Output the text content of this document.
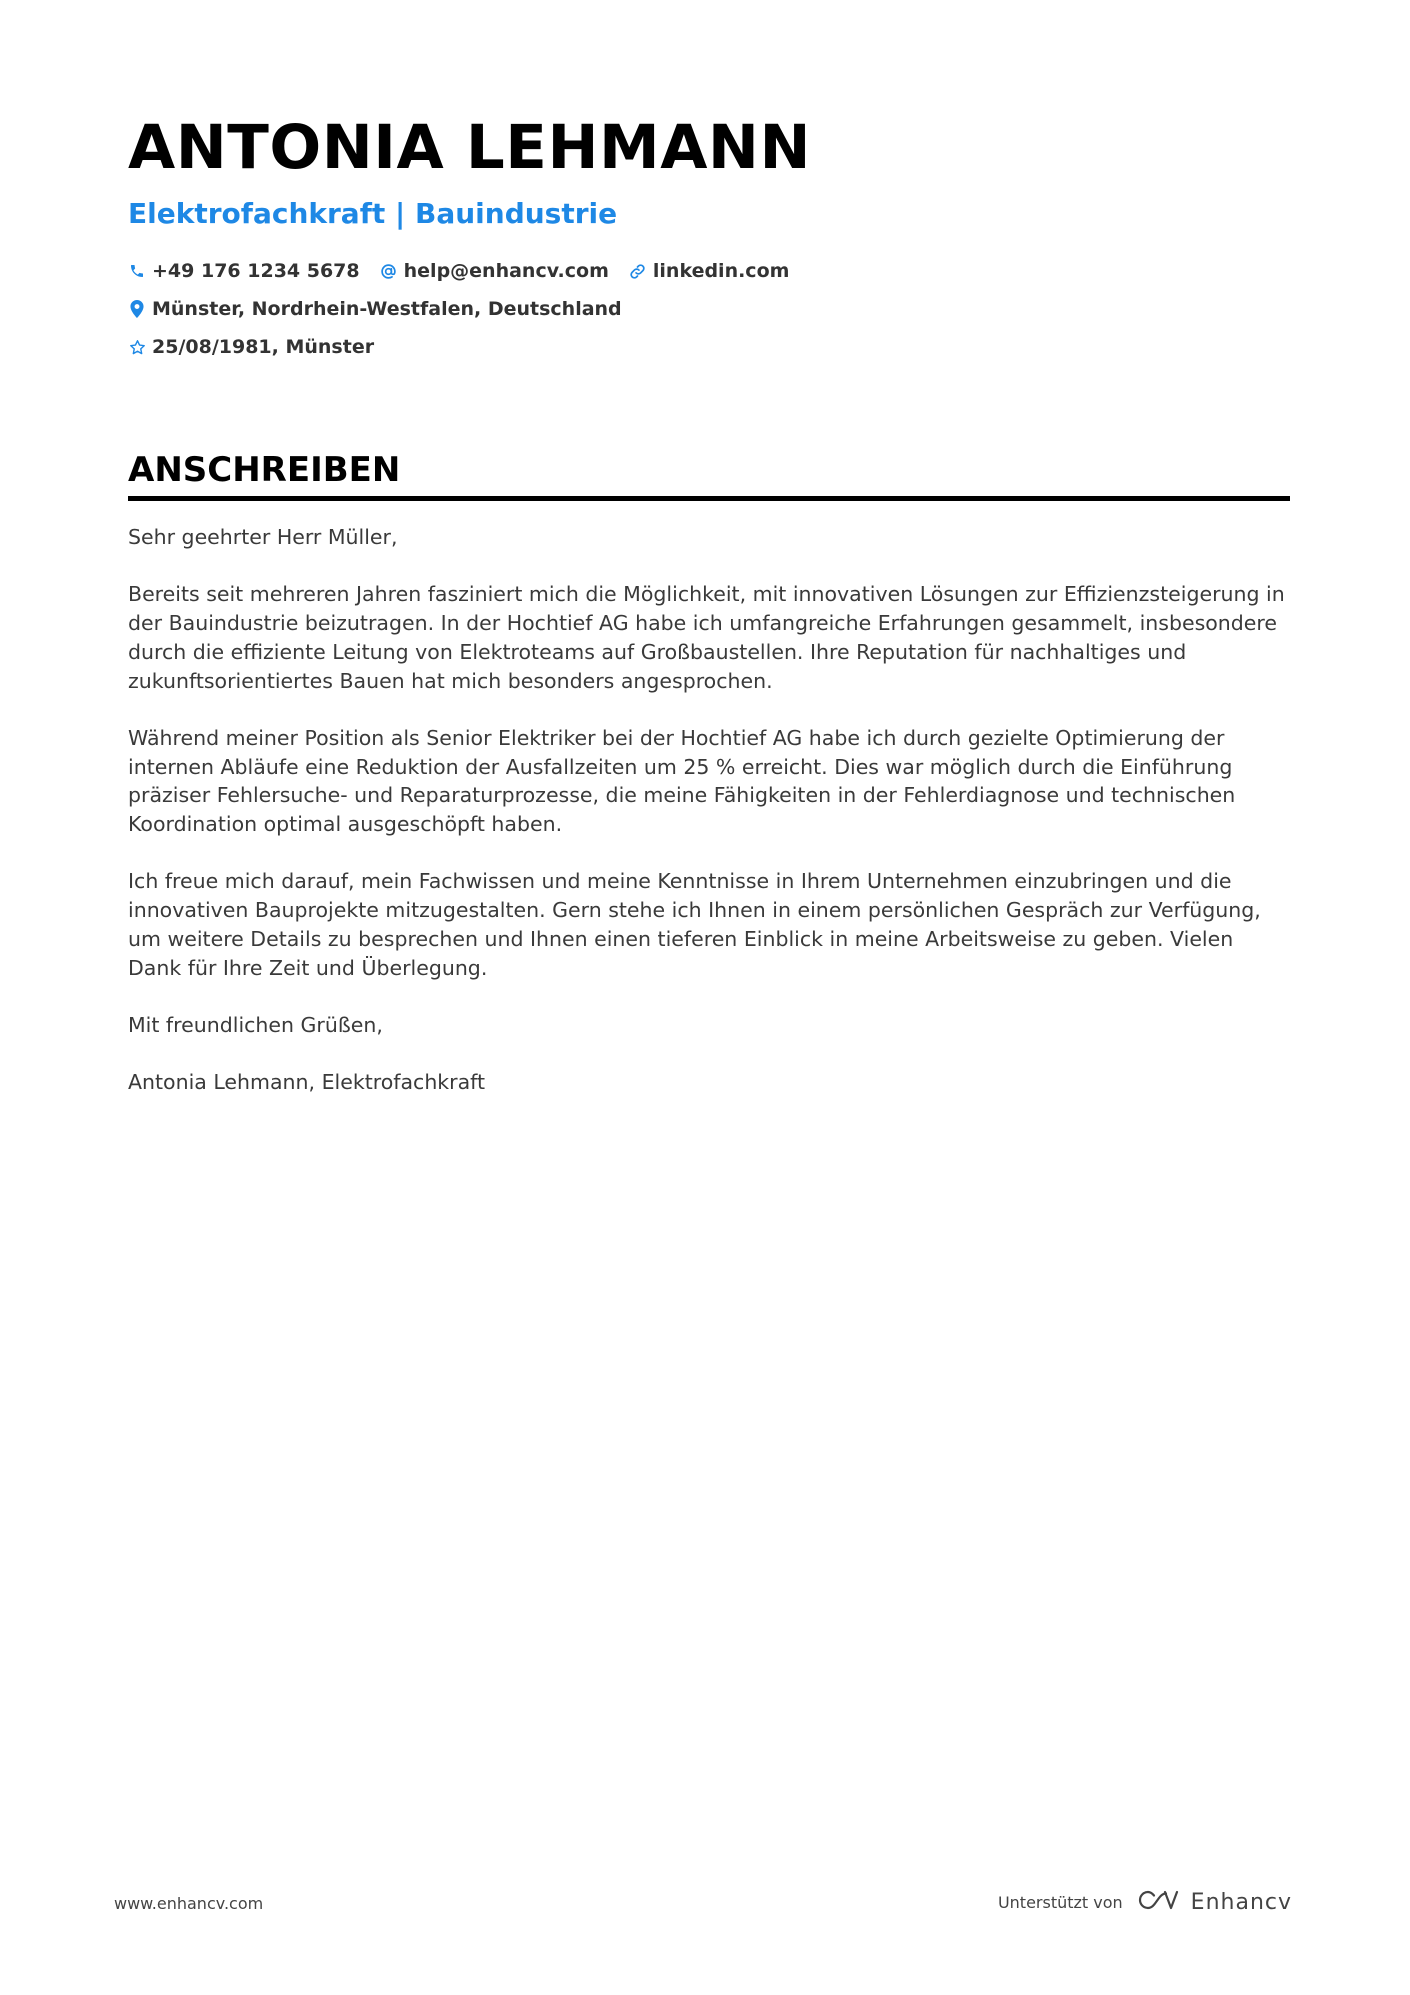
ANTONIA LEHMANN
Elektrofachkraft | Bauindustrie
+49 176 1234 5678 help@enhancv.com linkedin.com
Münster, Nordrhein-Westfalen, Deutschland
25/08/1981, Münster
ANSCHREIBEN

Sehr geehrter Herr Müller,

Bereits seit mehreren Jahren fasziniert mich die Möglichkeit, mit innovativen Lösungen zur Effizienzsteigerung in der Bauindustrie beizutragen. In der Hochtief AG habe ich umfangreiche Erfahrungen gesammelt, insbesondere durch die effiziente Leitung von Elektroteams auf Großbaustellen. Ihre Reputation für nachhaltiges und zukunftsorientiertes Bauen hat mich besonders angesprochen.

Während meiner Position als Senior Elektriker bei der Hochtief AG habe ich durch gezielte Optimierung der internen Abläufe eine Reduktion der Ausfallzeiten um 25 % erreicht. Dies war möglich durch die Einführung präziser Fehlersuche- und Reparaturprozesse, die meine Fähigkeiten in der Fehlerdiagnose und technischen Koordination optimal ausgeschöpft haben.

Ich freue mich darauf, mein Fachwissen und meine Kenntnisse in Ihrem Unternehmen einzubringen und die innovativen Bauprojekte mitzugestalten. Gern stehe ich Ihnen in einem persönlichen Gespräch zur Verfügung, um weitere Details zu besprechen und Ihnen einen tieferen Einblick in meine Arbeitsweise zu geben. Vielen Dank für Ihre Zeit und Überlegung.

Mit freundlichen Grüßen,

Antonia Lehmann, Elektrofachkraft

www.enhancv.com	Unterstützt von	Enhancv
